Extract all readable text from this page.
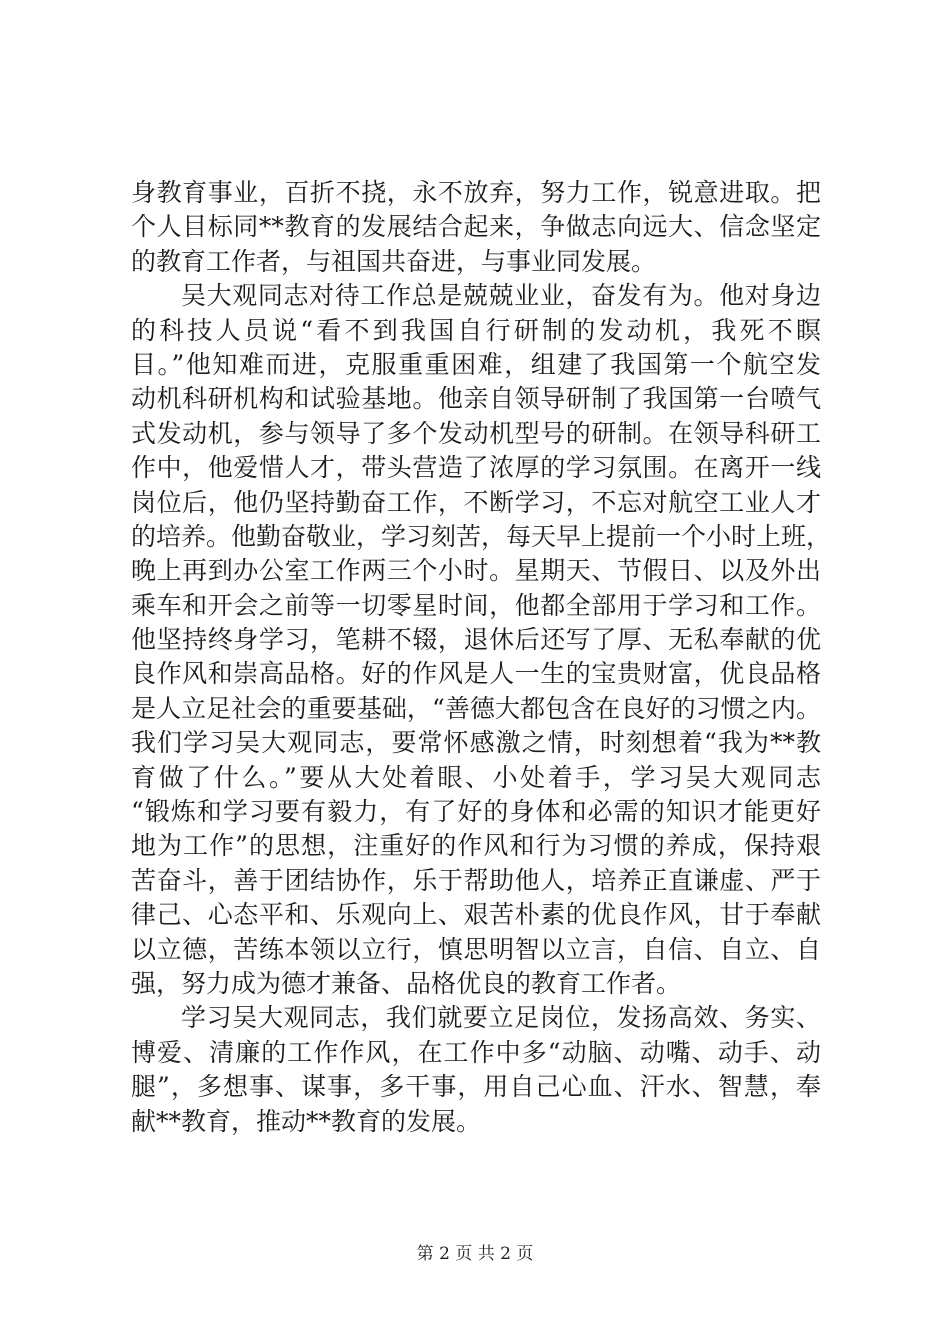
身教育事业，百折不挠，永不放弃，努力工作，锐意进取。把
个人目标同**教育的发展结合起来，争做志向远大、信念坚定
的教育工作者，与祖国共奋进，与事业同发展。
吴大观同志对待工作总是兢兢业业，奋发有为。他对身边
的科技人员说“看不到我国自行研制的发动机，我死不瞑
目。”他知难而进，克服重重困难，组建了我国第一个航空发
动机科研机构和试验基地。他亲自领导研制了我国第一台喷气
式发动机，参与领导了多个发动机型号的研制。在领导科研工
作中，他爱惜人才，带头营造了浓厚的学习氛围。在离开一线
岗位后，他仍坚持勤奋工作，不断学习，不忘对航空工业人才
的培养。他勤奋敬业，学习刻苦，每天早上提前一个小时上班，
晚上再到办公室工作两三个小时。星期天、节假日、以及外出
乘车和开会之前等一切零星时间，他都全部用于学习和工作。
他坚持终身学习，笔耕不辍，退休后还写了厚、无私奉献的优
良作风和崇高品格。好的作风是人一生的宝贵财富，优良品格
是人立足社会的重要基础，“善德大都包含在良好的习惯之内。
我们学习吴大观同志，要常怀感激之情，时刻想着“我为**教
育做了什么。”要从大处着眼、小处着手，学习吴大观同志
“锻炼和学习要有毅力，有了好的身体和必需的知识才能更好
地为工作”的思想，注重好的作风和行为习惯的养成，保持艰
苦奋斗，善于团结协作，乐于帮助他人，培养正直谦虚、严于
律己、心态平和、乐观向上、艰苦朴素的优良作风，甘于奉献
以立德，苦练本领以立行，慎思明智以立言，自信、自立、自
强，努力成为德才兼备、品格优良的教育工作者。
学习吴大观同志，我们就要立足岗位，发扬高效、务实、
博爱、清廉的工作作风，在工作中多“动脑、动嘴、动手、动
腿”，多想事、谋事，多干事，用自己心血、汗水、智慧，奉
献**教育，推动**教育的发展。
第 2 页 共 2 页
